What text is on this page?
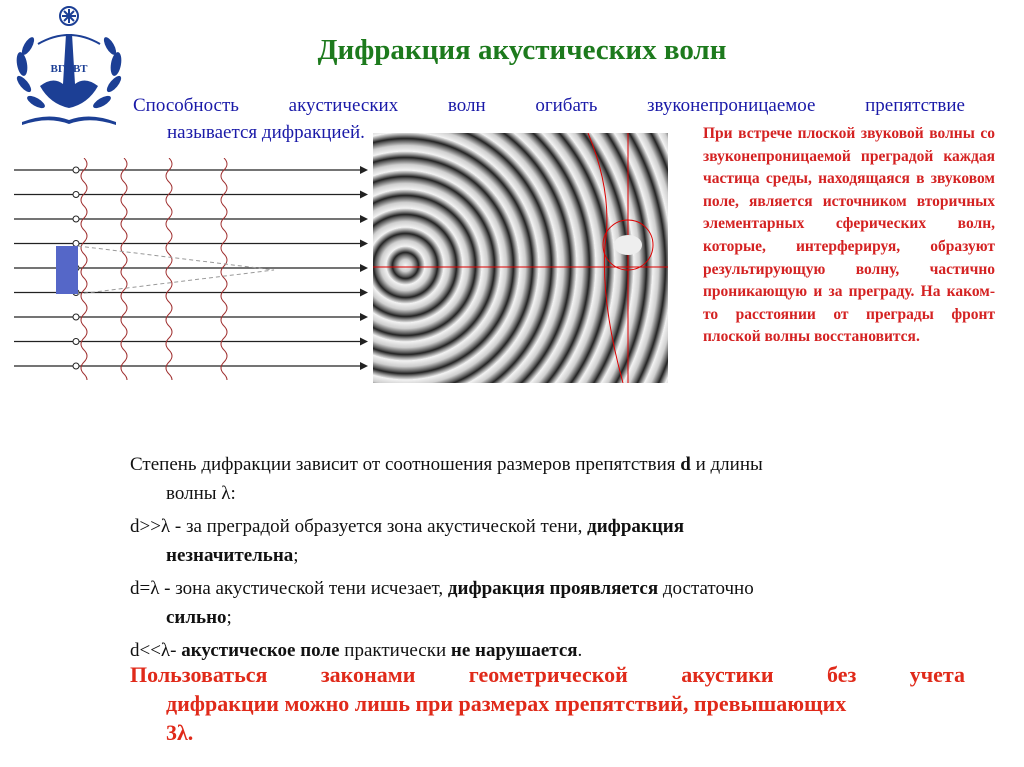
ВГУВТ
Дифракция акустических волн
Способность акустических волн огибать звуконепроницаемое препятствие
называется дифракцией.	При встрече плоской звуковой волны со звуконепроницаемой преградой каждая частица среды, находящаяся в звуковом поле, является источником вторичных элементарных сферических волн, которые, интерферируя, образуют результирующую волну, частично проникающую и за преграду. На каком-то расстоянии от преграды фронт плоской волны восстановится.

Степень дифракции зависит от соотношения размеров препятствия d и длины
волны λ:

d>>λ - за преградой образуется зона акустической тени, дифракция
незначительна;

d=λ - зона акустической тени исчезает, дифракция проявляется достаточно
сильно;

d<<λ- акустическое поле практически не нарушается.

Пользоваться законами геометрической акустики без учета
дифракции можно лишь при размерах препятствий, превышающих
3λ.
